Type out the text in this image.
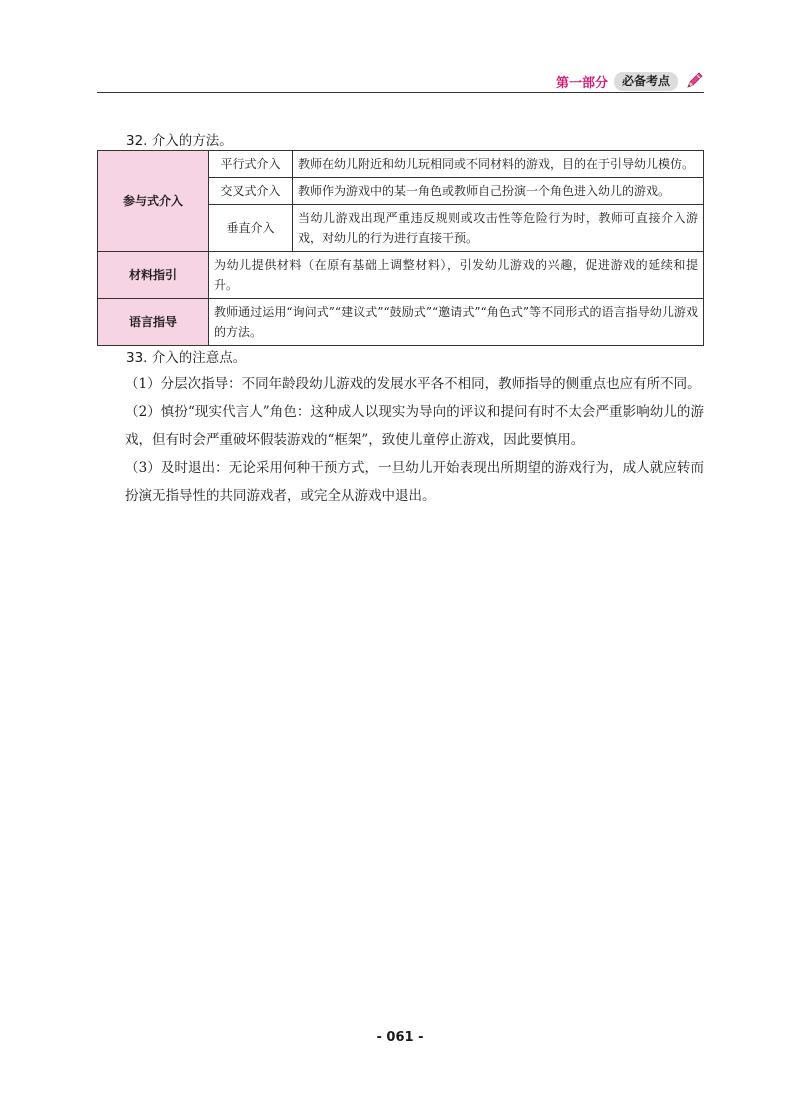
第一部分	必备考点
32. 介入的方法。
参与式介入	平行式介入	教师在幼儿附近和幼儿玩相同或不同材料的游戏，目的在于引导幼儿模仿。
	交叉式介入	教师作为游戏中的某一角色或教师自己扮演一个角色进入幼儿的游戏。
	垂直介入	当幼儿游戏出现严重违反规则或攻击性等危险行为时，教师可直接介入游戏，对幼儿的行为进行直接干预。
材料指引	为幼儿提供材料（在原有基础上调整材料），引发幼儿游戏的兴趣，促进游戏的延续和提升。	
语言指导	教师通过运用“询问式”“建议式”“鼓励式”“邀请式”“角色式”等不同形式的语言指导幼儿游戏的方法。	
33. 介入的注意点。
（1）分层次指导：不同年龄段幼儿游戏的发展水平各不相同，教师指导的侧重点也应有所不同。
（2）慎扮“现实代言人”角色：这种成人以现实为导向的评议和提问有时不太会严重影响幼儿的游戏，但有时会严重破坏假装游戏的“框架”，致使儿童停止游戏，因此要慎用。
（3）及时退出：无论采用何种干预方式，一旦幼儿开始表现出所期望的游戏行为，成人就应转而扮演无指导性的共同游戏者，或完全从游戏中退出。
- 061 -
